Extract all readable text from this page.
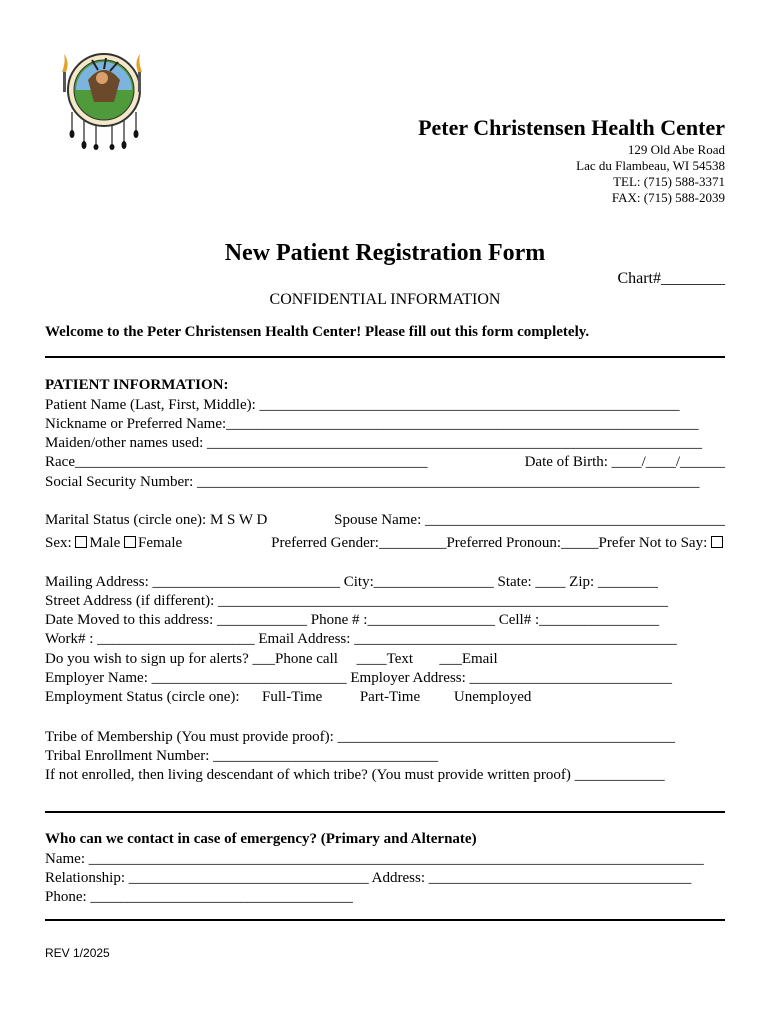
Peter Christensen Health Center
129 Old Abe Road
Lac du Flambeau, WI 54538
TEL: (715) 588-3371
FAX: (715) 588-2039
New Patient Registration Form
Chart#________
CONFIDENTIAL INFORMATION
Welcome to the Peter Christensen Health Center! Please fill out this form completely.
PATIENT INFORMATION:
Patient Name (Last, First, Middle): ________________________________________________________
Nickname or Preferred Name:_______________________________________________________________
Maiden/other names used: __________________________________________________________________
Race_______________________________________________	Date of Birth: ____/____/______
Social Security Number: ___________________________________________________________________
Marital Status (circle one): M S W D	Spouse Name: ________________________________________
Sex: Male Female	Preferred Gender:_________Preferred Pronoun:_____Prefer Not to Say:
Mailing Address: _________________________ City:________________ State: ____ Zip: ________
Street Address (if different): ____________________________________________________________
Date Moved to this address: ____________ Phone # :_________________ Cell# :________________
Work# : _____________________ Email Address: ___________________________________________
Do you wish to sign up for alerts? ___Phone call     ____Text       ___Email
Employer Name: __________________________ Employer Address: ___________________________
Employment Status (circle one):      Full-Time          Part-Time         Unemployed
Tribe of Membership (You must provide proof): _____________________________________________
Tribal Enrollment Number: ______________________________
If not enrolled, then living descendant of which tribe? (You must provide written proof) ____________
Who can we contact in case of emergency? (Primary and Alternate)
Name: __________________________________________________________________________________
Relationship: ________________________________ Address: ___________________________________
Phone: ___________________________________
REV 1/2025
